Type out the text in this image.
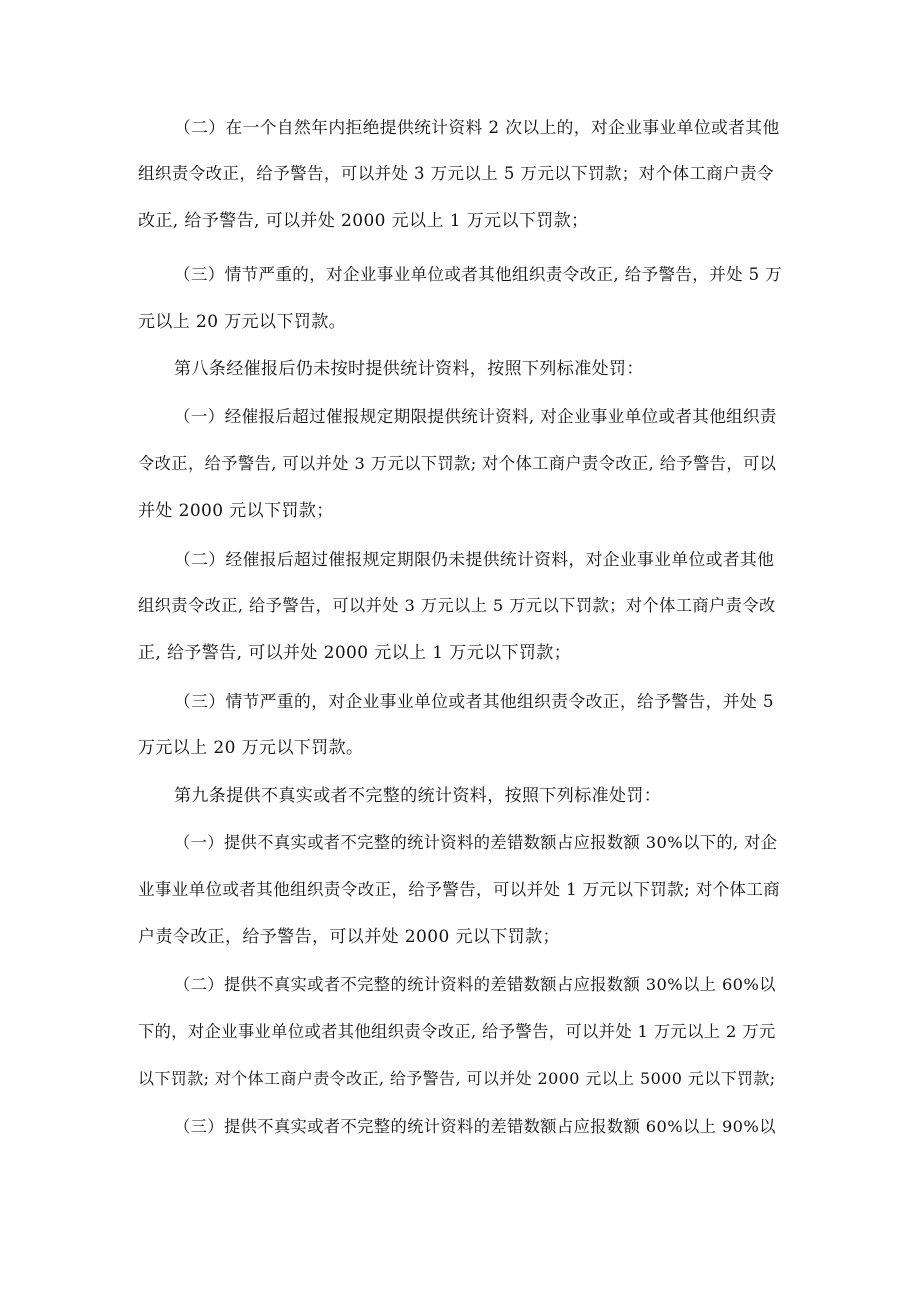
（二）在一个自然年内拒绝提供统计资料 2 次以上的，对企业事业单位或者其他
组织责令改正，给予警告，可以并处 3 万元以上 5 万元以下罚款；对个体工商户责令
改正, 给予警告, 可以并处 2000 元以上 1 万元以下罚款；
（三）情节严重的，对企业事业单位或者其他组织责令改正, 给予警告，并处 5 万
元以上 20 万元以下罚款。
第八条经催报后仍未按时提供统计资料，按照下列标准处罚：
（一）经催报后超过催报规定期限提供统计资料, 对企业事业单位或者其他组织责
令改正，给予警告, 可以并处 3 万元以下罚款; 对个体工商户责令改正, 给予警告，可以
并处 2000 元以下罚款；
（二）经催报后超过催报规定期限仍未提供统计资料，对企业事业单位或者其他
组织责令改正, 给予警告，可以并处 3 万元以上 5 万元以下罚款；对个体工商户责令改
正, 给予警告, 可以并处 2000 元以上 1 万元以下罚款；
（三）情节严重的，对企业事业单位或者其他组织责令改正，给予警告，并处 5
万元以上 20 万元以下罚款。
第九条提供不真实或者不完整的统计资料，按照下列标准处罚：
（一）提供不真实或者不完整的统计资料的差错数额占应报数额 30%以下的, 对企
业事业单位或者其他组织责令改正，给予警告，可以并处 1 万元以下罚款; 对个体工商
户责令改正，给予警告，可以并处 2000 元以下罚款；
（二）提供不真实或者不完整的统计资料的差错数额占应报数额 30%以上 60%以
下的，对企业事业单位或者其他组织责令改正, 给予警告，可以并处 1 万元以上 2 万元
以下罚款; 对个体工商户责令改正, 给予警告, 可以并处 2000 元以上 5000 元以下罚款;
（三）提供不真实或者不完整的统计资料的差错数额占应报数额 60%以上 90%以
